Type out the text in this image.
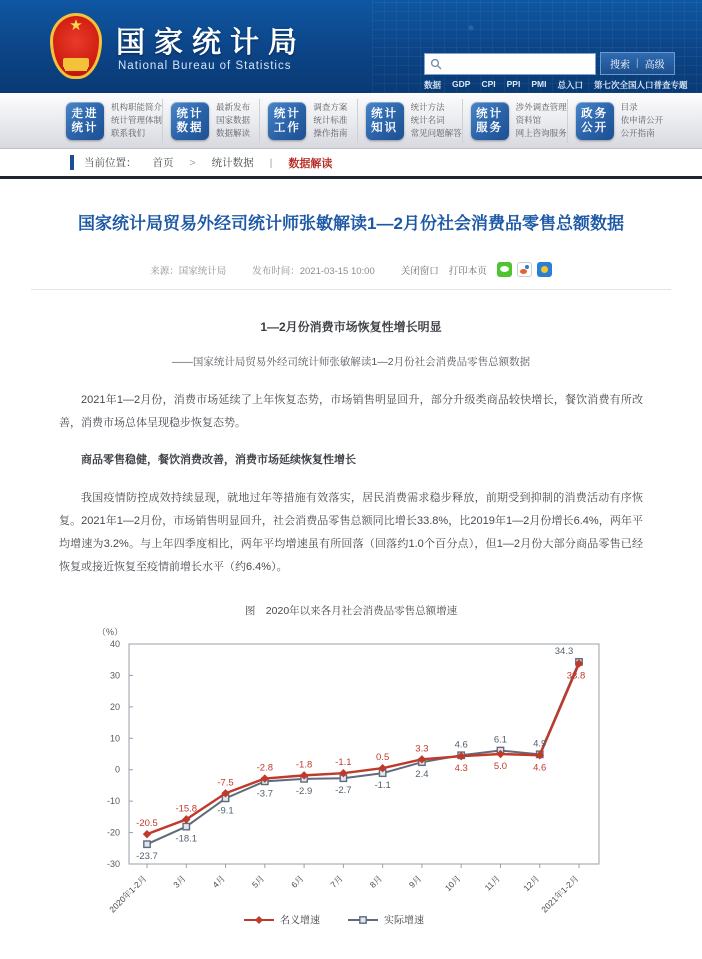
★
国家统计局
National Bureau of Statistics	搜索 | 高级
数据 GDP CPI PPI PMI 总入口 第七次全国人口普查专题
走进
统计
机构职能简介
统计管理体制
联系我们
统计
数据
最新发布
国家数据
数据解读
统计
工作
调查方案
统计标准
操作指南
统计
知识
统计方法
统计名词
常见问题解答
统计
服务
涉外调查管理
资料馆
网上咨询服务
政务
公开
目录
依申请公开
公开指南
当前位置： 首页 > 统计数据 | 数据解读
国家统计局贸易外经司统计师张敏解读1—2月份社会消费品零售总额数据
来源：国家统计局	发布时间：2021-03-15 10:00	关闭窗口 打印本页
1—2月份消费市场恢复性增长明显
——国家统计局贸易外经司统计师张敏解读1—2月份社会消费品零售总额数据

2021年1—2月份，消费市场延续了上年恢复态势，市场销售明显回升，部分升级类商品较快增长，餐饮消费有所改善，消费市场总体呈现稳步恢复态势。

商品零售稳健，餐饮消费改善，消费市场延续恢复性增长

我国疫情防控成效持续显现，就地过年等措施有效落实，居民消费需求稳步释放，前期受到抑制的消费活动有序恢复。2021年1—2月份，市场销售明显回升，社会消费品零售总额同比增长33.8%，比2019年1—2月份增长6.4%，两年平均增速为3.2%。与上年四季度相比，两年平均增速虽有所回落（回落约1.0个百分点），但1—2月份大部分商品零售已经恢复或接近恢复至疫情前增长水平（约6.4%）。

图　2020年以来各月社会消费品零售总额增速
40
30
20
10
0
-10
-20
-30
（%）
2020年1-2月	3月	4月	5月	6月	7月	8月	9月 10月 11月 12月
2021年1-2月
-20.5
-23.7
-15.8
-18.1
-7.5
-9.1
-2.8
-3.7
-1.8
-2.9
-1.1
-2.7
0.5
-1.1
3.3
2.4
4.6
4.3
6.1
5.0
4.9
4.6
34.3
33.8
名义增速	实际增速
